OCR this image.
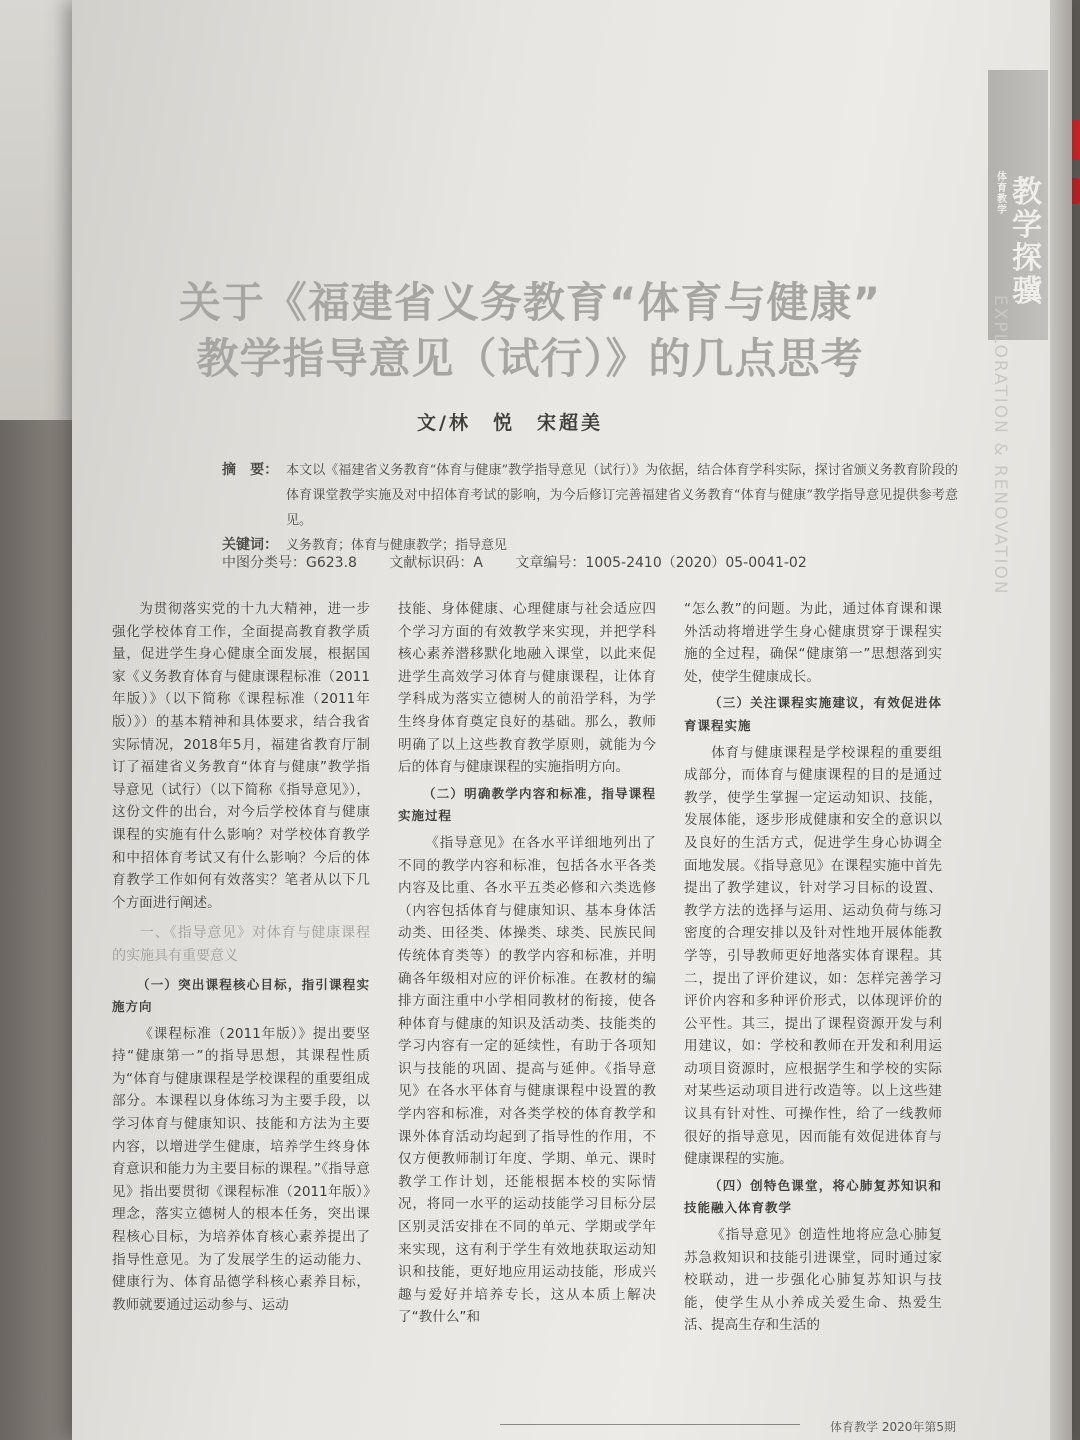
体育教学
教学探骥
EXPLORATION & RENOVATION
关于《福建省义务教育“体育与健康”
教学指导意见（试行）》的几点思考
文/林　悦　宋超美
摘　要： 本文以《福建省义务教育“体育与健康”教学指导意见（试行）》为依据，结合体育学科实际，探讨省颁义务教育阶段的体育课堂教学实施及对中招体育考试的影响，为今后修订完善福建省义务教育“体育与健康”教学指导意见提供参考意见。
关键词： 义务教育；体育与健康教学；指导意见
中图分类号：G623.8 文献标识码：A 文章编号：1005-2410（2020）05-0041-02

为贯彻落实党的十九大精神，进一步强化学校体育工作，全面提高教育教学质量，促进学生身心健康全面发展，根据国家《义务教育体育与健康课程标准（2011年版）》（以下简称《课程标准（2011年版）》）的基本精神和具体要求，结合我省实际情况，2018年5月，福建省教育厅制订了福建省义务教育“体育与健康”教学指导意见（试行）（以下简称《指导意见》），这份文件的出台，对今后学校体育与健康课程的实施有什么影响？对学校体育教学和中招体育考试又有什么影响？今后的体育教学工作如何有效落实？笔者从以下几个方面进行阐述。

一、《指导意见》对体育与健康课程的实施具有重要意义

（一）突出课程核心目标，指引课程实施方向

《课程标准（2011年版）》提出要坚持“健康第一”的指导思想，其课程性质为“体育与健康课程是学校课程的重要组成部分。本课程以身体练习为主要手段，以学习体育与健康知识、技能和方法为主要内容，以增进学生健康，培养学生终身体育意识和能力为主要目标的课程。”《指导意见》指出要贯彻《课程标准（2011年版）》理念，落实立德树人的根本任务，突出课程核心目标，为培养体育核心素养提出了指导性意见。为了发展学生的运动能力、健康行为、体育品德学科核心素养目标，教师就要通过运动参与、运动

技能、身体健康、心理健康与社会适应四个学习方面的有效教学来实现，并把学科核心素养潜移默化地融入课堂，以此来促进学生高效学习体育与健康课程，让体育学科成为落实立德树人的前沿学科，为学生终身体育奠定良好的基础。那么，教师明确了以上这些教育教学原则，就能为今后的体育与健康课程的实施指明方向。

（二）明确教学内容和标准，指导课程实施过程

《指导意见》在各水平详细地列出了不同的教学内容和标准，包括各水平各类内容及比重、各水平五类必修和六类选修（内容包括体育与健康知识、基本身体活动类、田径类、体操类、球类、民族民间传统体育类等）的教学内容和标准，并明确各年级相对应的评价标准。在教材的编排方面注重中小学相同教材的衔接，使各种体育与健康的知识及活动类、技能类的学习内容有一定的延续性，有助于各项知识与技能的巩固、提高与延伸。《指导意见》在各水平体育与健康课程中设置的教学内容和标准，对各类学校的体育教学和课外体育活动均起到了指导性的作用，不仅方便教师制订年度、学期、单元、课时教学工作计划，还能根据本校的实际情况，将同一水平的运动技能学习目标分层区别灵活安排在不同的单元、学期或学年来实现，这有利于学生有效地获取运动知识和技能，更好地应用运动技能，形成兴趣与爱好并培养专长，这从本质上解决了“教什么”和

“怎么教”的问题。为此，通过体育课和课外活动将增进学生身心健康贯穿于课程实施的全过程，确保“健康第一”思想落到实处，使学生健康成长。

（三）关注课程实施建议，有效促进体育课程实施

体育与健康课程是学校课程的重要组成部分，而体育与健康课程的目的是通过教学，使学生掌握一定运动知识、技能，发展体能，逐步形成健康和安全的意识以及良好的生活方式，促进学生身心协调全面地发展。《指导意见》在课程实施中首先提出了教学建议，针对学习目标的设置、教学方法的选择与运用、运动负荷与练习密度的合理安排以及针对性地开展体能教学等，引导教师更好地落实体育课程。其二，提出了评价建议，如：怎样完善学习评价内容和多种评价形式，以体现评价的公平性。其三，提出了课程资源开发与利用建议，如：学校和教师在开发和利用运动项目资源时，应根据学生和学校的实际对某些运动项目进行改造等。以上这些建议具有针对性、可操作性，给了一线教师很好的指导意见，因而能有效促进体育与健康课程的实施。

（四）创特色课堂，将心肺复苏知识和技能融入体育教学

《指导意见》创造性地将应急心肺复苏急救知识和技能引进课堂，同时通过家校联动，进一步强化心肺复苏知识与技能，使学生从小养成关爱生命、热爱生活、提高生存和生活的

体育教学 2020年第5期
